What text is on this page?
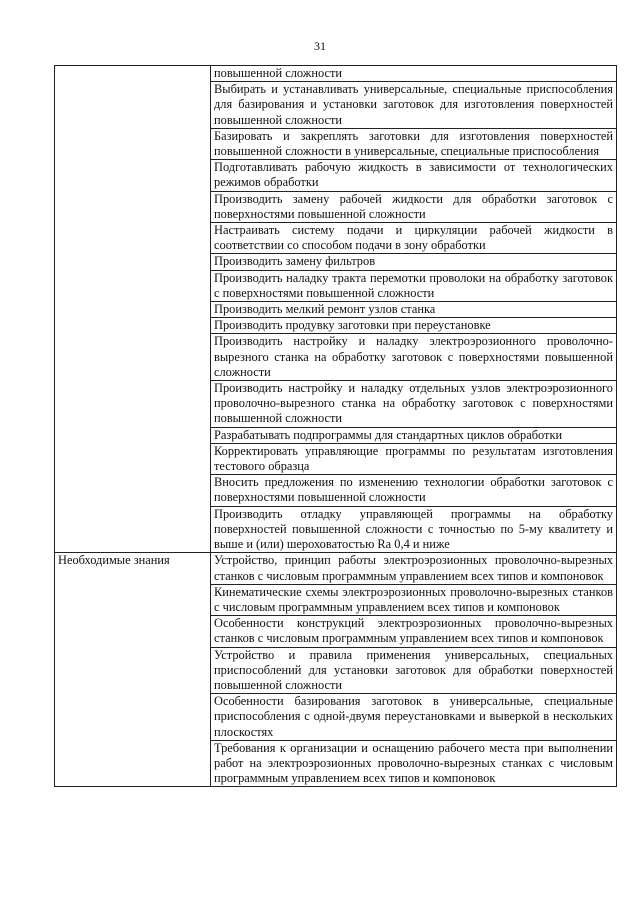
31
	повышенной сложности
	Выбирать и устанавливать универсальные, специальные приспособления для базирования и установки заготовок для изготовления поверхностей повышенной сложности
	Базировать и закреплять заготовки для изготовления поверхностей повышенной сложности в универсальные, специальные приспособления
	Подготавливать рабочую жидкость в зависимости от технологических режимов обработки
	Производить замену рабочей жидкости для обработки заготовок с поверхностями повышенной сложности
	Настраивать систему подачи и циркуляции рабочей жидкости в соответствии со способом подачи в зону обработки
	Производить замену фильтров
	Производить наладку тракта перемотки проволоки на обработку заготовок с поверхностями повышенной сложности
	Производить мелкий ремонт узлов станка
	Производить продувку заготовки при переустановке
	Производить настройку и наладку электроэрозионного проволочно-вырезного станка на обработку заготовок с поверхностями повышенной сложности
	Производить настройку и наладку отдельных узлов электроэрозионного проволочно-вырезного станка на обработку заготовок с поверхностями повышенной сложности
	Разрабатывать подпрограммы для стандартных циклов обработки
	Корректировать управляющие программы по результатам изготовления тестового образца
	Вносить предложения по изменению технологии обработки заготовок с поверхностями повышенной сложности
	Производить отладку управляющей программы на обработку поверхностей повышенной сложности с точностью по 5-му квалитету и выше и (или) шероховатостью Ra 0,4 и ниже
Необходимые знания	Устройство, принцип работы электроэрозионных проволочно-вырезных станков с числовым программным управлением всех типов и компоновок
	Кинематические схемы электроэрозионных проволочно-вырезных станков с числовым программным управлением всех типов и компоновок
	Особенности конструкций электроэрозионных проволочно-вырезных станков с числовым программным управлением всех типов и компоновок
	Устройство и правила применения универсальных, специальных приспособлений для установки заготовок для обработки поверхностей повышенной сложности
	Особенности базирования заготовок в универсальные, специальные приспособления с одной-двумя переустановками и выверкой в нескольких плоскостях
	Требования к организации и оснащению рабочего места при выполнении работ на электроэрозионных проволочно-вырезных станках с числовым программным управлением всех типов и компоновок
